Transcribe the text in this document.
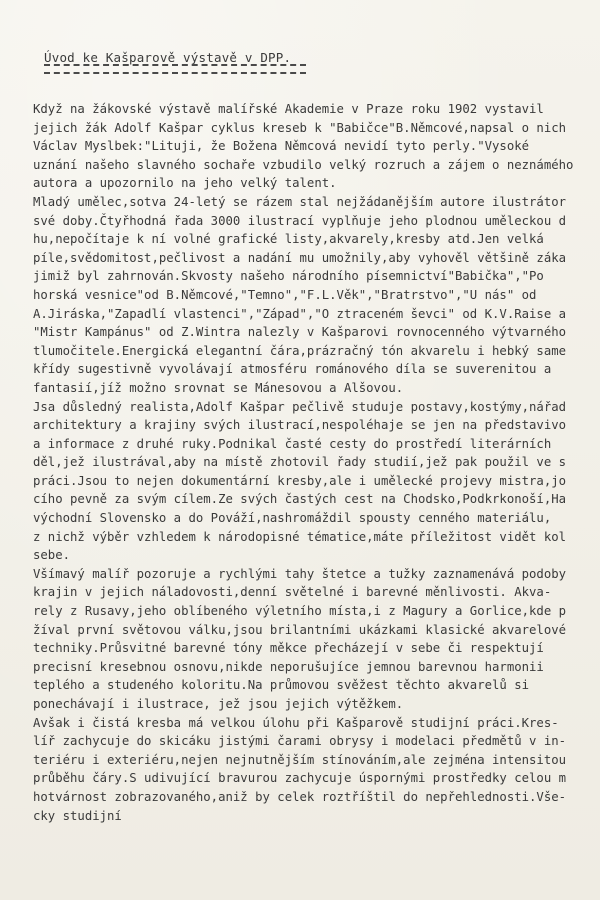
Úvod ke Kašparově výstavě v DPP.
Když na žákovské výstavě malířské Akademie v Praze roku 1902 vystavil
jejich žák Adolf Kašpar cyklus kreseb k "Babičce"B.Němcové,napsal o nich
Václav Myslbek:"Lituji, že Božena Němcová nevidí tyto perly."Vysoké
uznání našeho slavného sochaře vzbudilo velký rozruch a zájem o neznámého
autora a upozornilo na jeho velký talent.
Mladý umělec,sotva 24-letý se rázem stal nejžádanějším autore ilustrátor
své doby.Čtyřhodná řada 3000 ilustrací vyplňuje jeho plodnou uměleckou d
hu,nepočítaje k ní volné grafické listy,akvarely,kresby atd.Jen velká
píle,svědomitost,pečlivost a nadání mu umožnily,aby vyhověl většině záka
jimiž byl zahrnován.Skvosty našeho národního písemnictví"Babička","Po
horská vesnice"od B.Němcové,"Temno","F.L.Věk","Bratrstvo","U nás" od
A.Jiráska,"Zapadlí vlastenci","Západ","O ztraceném ševci" od K.V.Raise a
"Mistr Kampánus" od Z.Wintra nalezly v Kašparovi rovnocenného výtvarného
tlumočitele.Energická elegantní čára,prázračný tón akvarelu i hebký same
křídy sugestivně vyvolávají atmosféru románového díla se suverenitou a
fantasií,jíž možno srovnat se Mánesovou a Alšovou.
Jsa důsledný realista,Adolf Kašpar pečlivě studuje postavy,kostýmy,nářad
architektury a krajiny svých ilustrací,nespoléhaje se jen na představivo
a informace z druhé ruky.Podnikal časté cesty do prostředí literárních
děl,jež ilustrával,aby na místě zhotovil řady studií,jež pak použil ve s
práci.Jsou to nejen dokumentární kresby,ale i umělecké projevy mistra,jo
cího pevně za svým cílem.Ze svých častých cest na Chodsko,Podkrkonoší,Ha
východní Slovensko a do Pováží,nashromáždil spousty cenného materiálu,
z nichž výběr vzhledem k národopisné tématice,máte příležitost vidět kol
sebe.
Všímavý malíř pozoruje a rychlými tahy štetce a tužky zaznamenává podoby
krajin v jejich náladovosti,denní světelné i barevné měnlivosti. Akva-
rely z Rusavy,jeho oblíbeného výletního místa,i z Magury a Gorlice,kde p
žíval první světovou válku,jsou brilantními ukázkami klasické akvarelové
techniky.Průsvitné barevné tóny měkce přecházejí v sebe či respektují
precisní kresebnou osnovu,nikde neporušujíce jemnou barevnou harmonii
teplého a studeného koloritu.Na průmovou svěžest těchto akvarelů si
ponechávají i ilustrace, jež jsou jejich výtěžkem.
Avšak i čistá kresba má velkou úlohu při Kašparově studijní práci.Kres-
líř zachycuje do skicáku jistými čarami obrysy i modelaci předmětů v in-
teriéru i exteriéru,nejen nejnutnějším stínováním,ale zejména intensitou
průběhu čáry.S udivující bravurou zachycuje úspornými prostředky celou m
hotvárnost zobrazovaného,aniž by celek roztříštil do nepřehlednosti.Vše-
cky studijní
